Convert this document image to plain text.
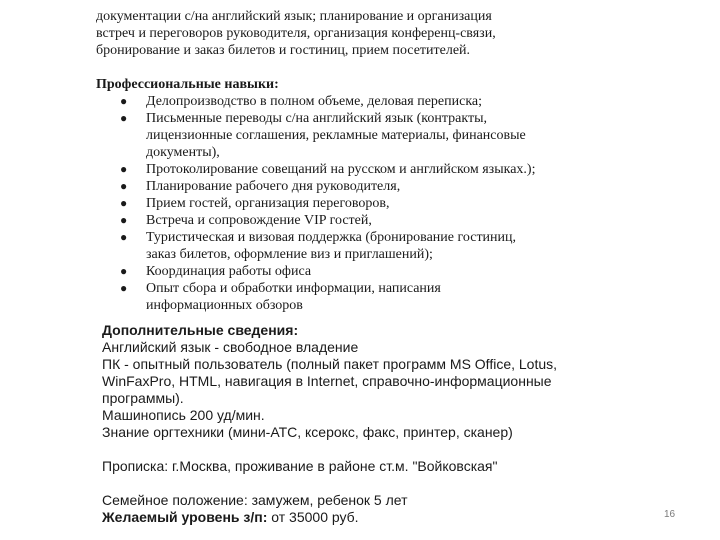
документации с/на английский язык; планирование и организация
встреч и переговоров руководителя, организация конференц-связи,
бронирование и заказ билетов и гостиниц, прием посетителей.
Профессиональные навыки:
● Делопроизводство в полном объеме, деловая переписка;
● Письменные переводы с/на английский язык (контракты,
лицензионные соглашения, рекламные материалы, финансовые
документы),
● Протоколирование совещаний на русском и английском языках.);
● Планирование рабочего дня руководителя,
● Прием гостей, организация переговоров,
● Встреча и сопровождение VIP гостей,
● Туристическая и визовая поддержка (бронирование гостиниц,
заказ билетов, оформление виз и приглашений);
● Координация работы офиса
● Опыт сбора и обработки информации, написания
информационных обзоров
Дополнительные сведения:
Английский язык - свободное владение
ПК - опытный пользователь (полный пакет программ MS Office, Lotus,
WinFaxPro, HTML, навигация в Internet, справочно-информационные
программы).
Машинопись 200 уд/мин.
Знание оргтехники (мини-АТС, ксерокс, факс, принтер, сканер)
Прописка: г.Москва, проживание в районе ст.м. "Войковская"
Семейное положение: замужем, ребенок 5 лет
Желаемый уровень з/п: от 35000 руб.	16
